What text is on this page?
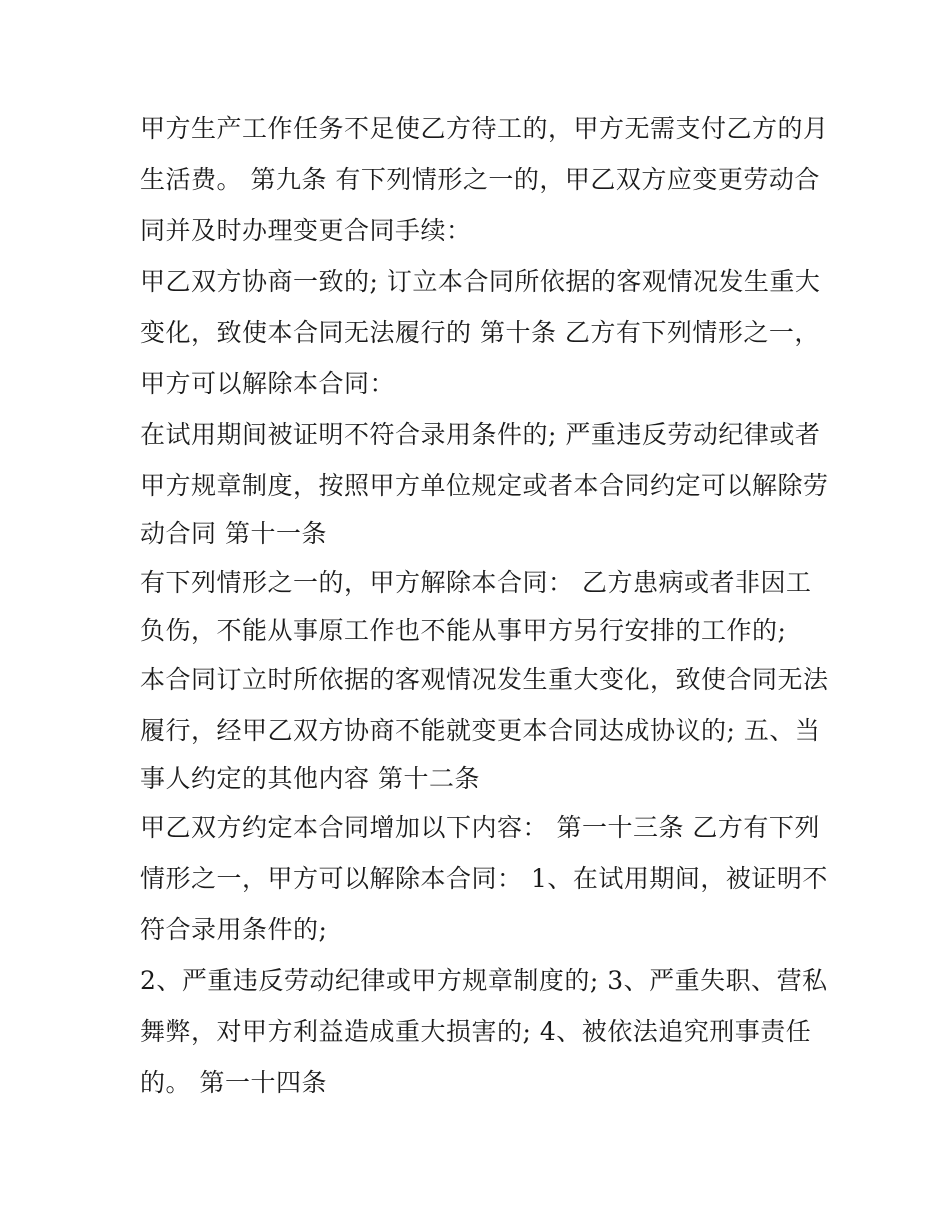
甲方生产工作任务不足使乙方待工的，甲方无需支付乙方的月
生活费。 第九条 有下列情形之一的，甲乙双方应变更劳动合
同并及时办理变更合同手续：
甲乙双方协商一致的; 订立本合同所依据的客观情况发生重大
变化，致使本合同无法履行的 第十条 乙方有下列情形之一，
甲方可以解除本合同：
在试用期间被证明不符合录用条件的; 严重违反劳动纪律或者
甲方规章制度，按照甲方单位规定或者本合同约定可以解除劳
动合同 第十一条
有下列情形之一的，甲方解除本合同： 乙方患病或者非因工
负伤，不能从事原工作也不能从事甲方另行安排的工作的;
本合同订立时所依据的客观情况发生重大变化，致使合同无法
履行，经甲乙双方协商不能就变更本合同达成协议的; 五、当
事人约定的其他内容 第十二条
甲乙双方约定本合同增加以下内容： 第一十三条 乙方有下列
情形之一，甲方可以解除本合同： 1、在试用期间，被证明不
符合录用条件的;
2、严重违反劳动纪律或甲方规章制度的; 3、严重失职、营私
舞弊，对甲方利益造成重大损害的; 4、被依法追究刑事责任
的。 第一十四条
